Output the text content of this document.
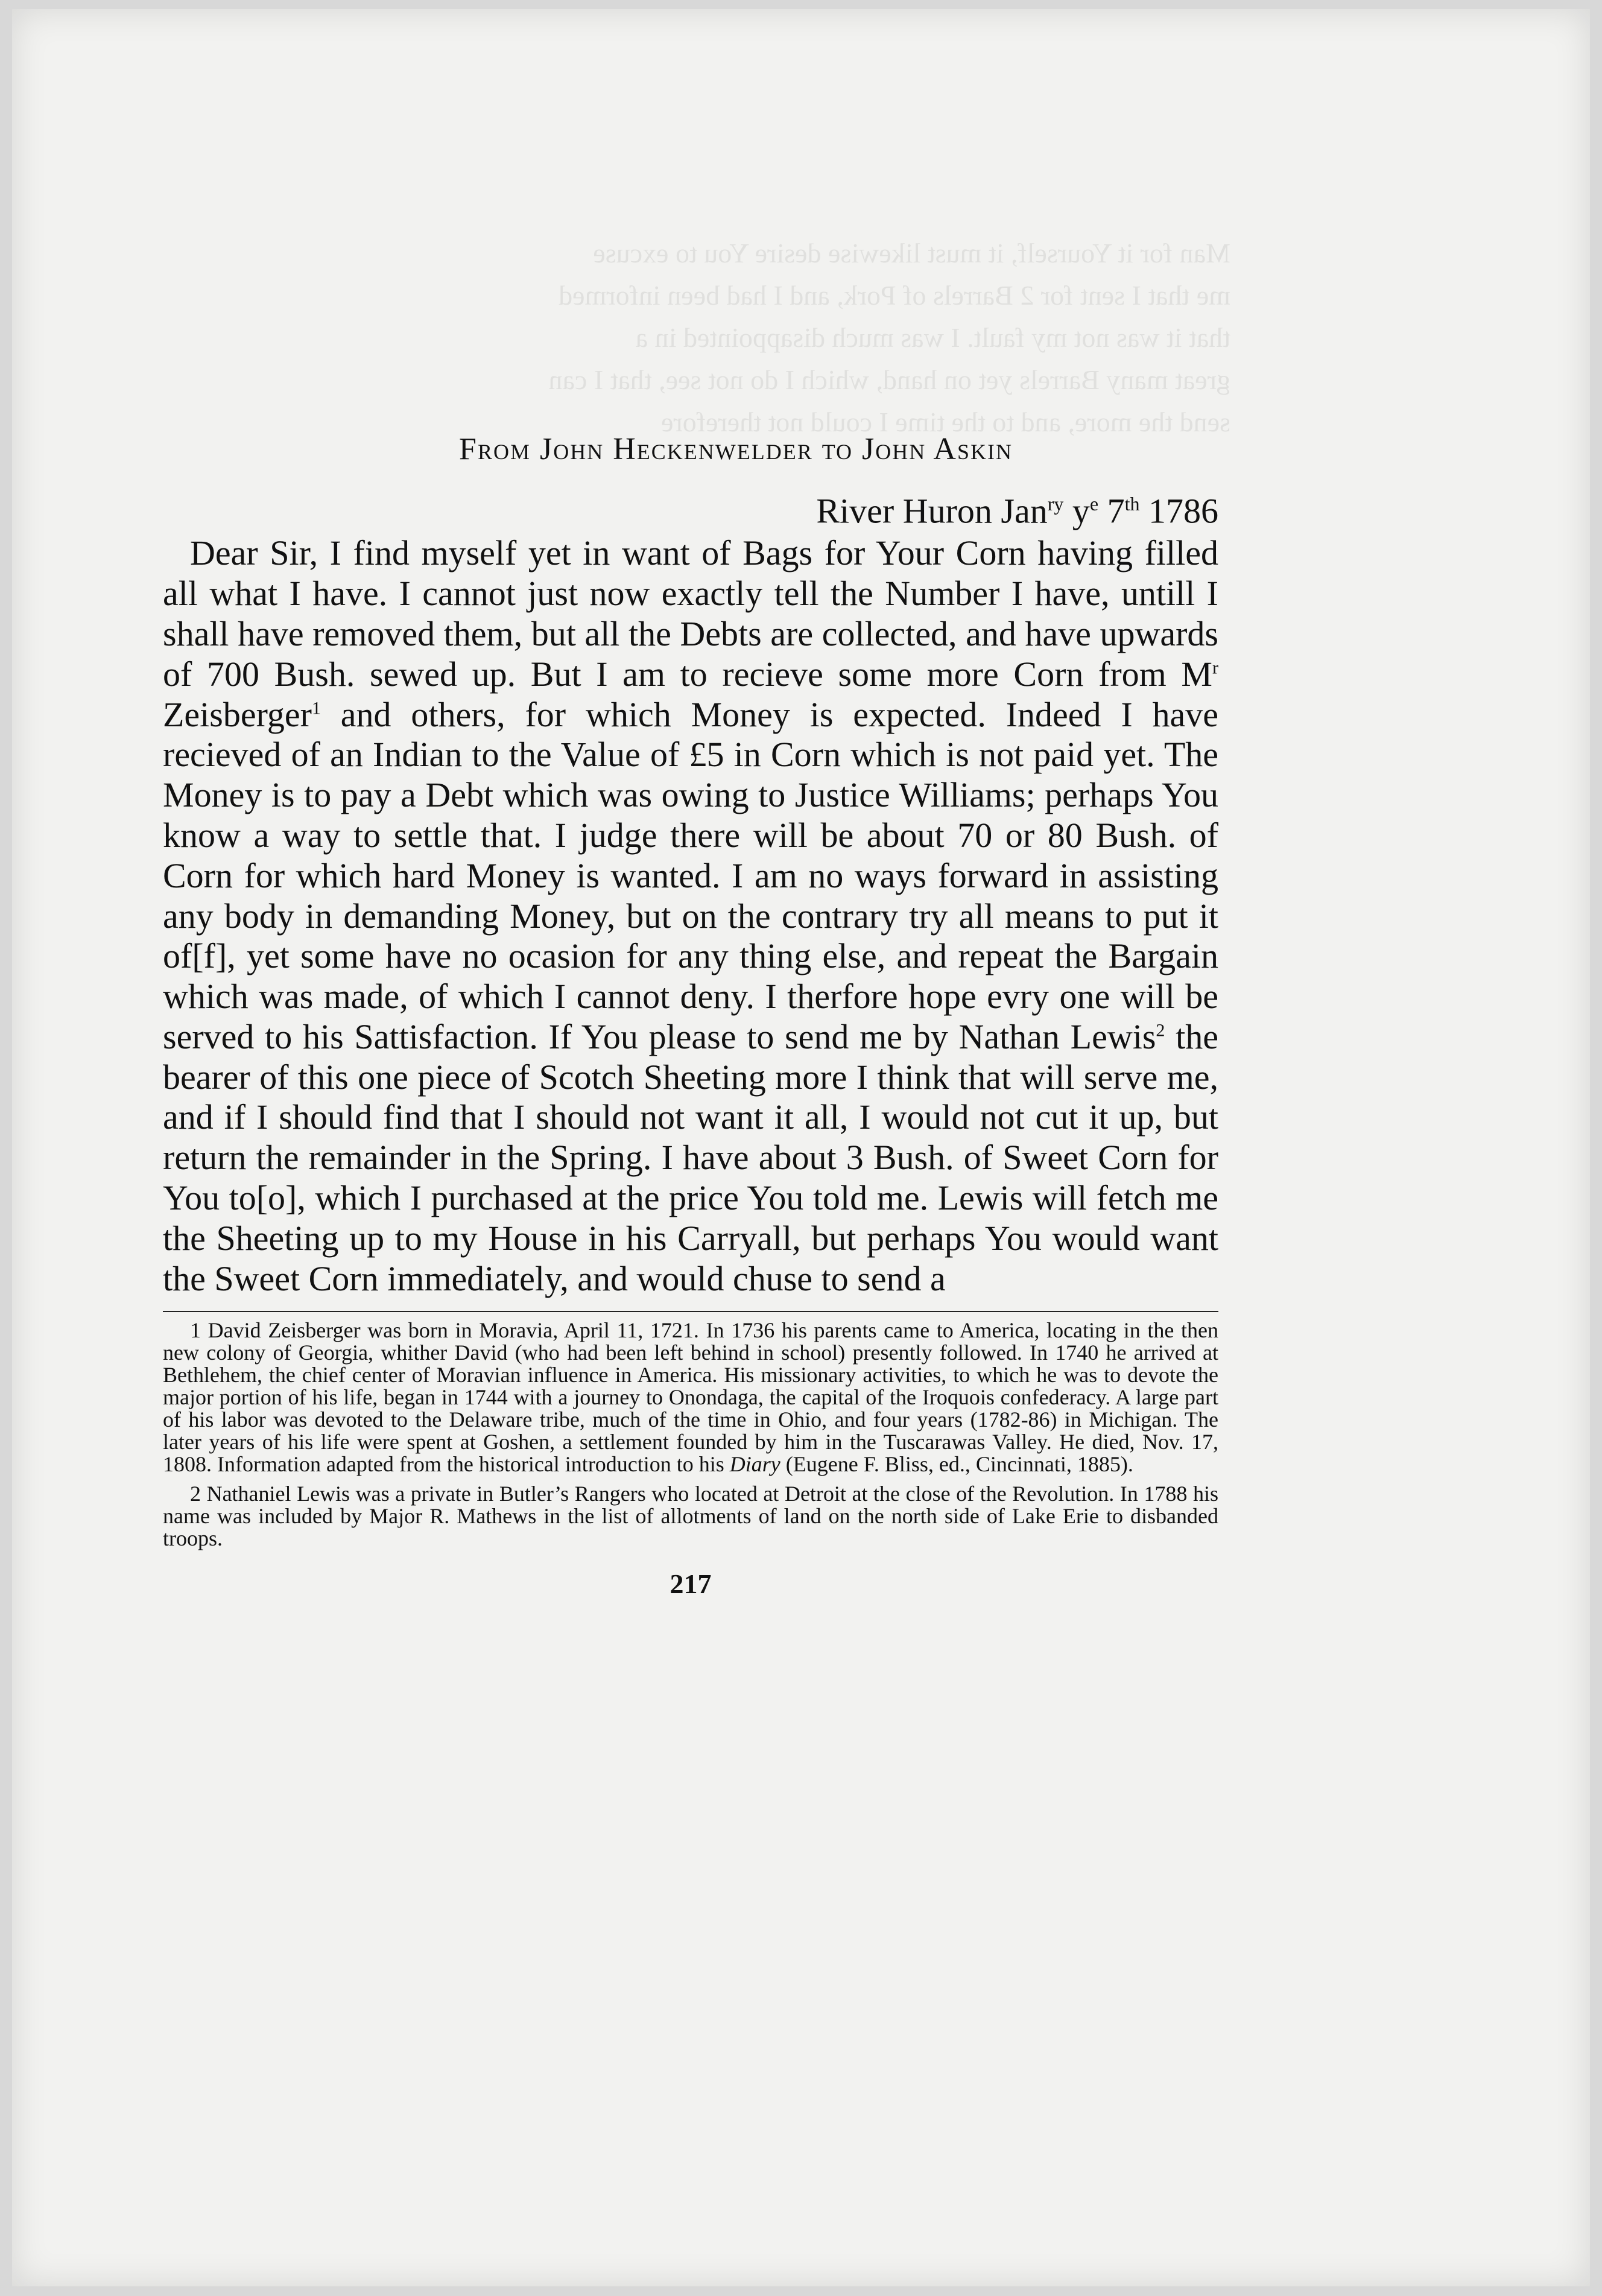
Man for it Yourself, it must likewise desire You to excuse
me that I sent for 2 Barrels of Pork, and I had been informed
that it was not my fault. I was much disappointed in a
great many Barrels yet on hand, which I do not see, that I can
send the more, and to the time I could not therefore
From John Heckenwelder to John Askin

River Huron Jan$^{ry}$ $y^e$ 7th 1786

Dear Sir, I find myself yet in want of Bags for Your Corn having filled all what I have. I cannot just now exactly tell the Number I have, untill I shall have removed them, but all the Debts are collected, and have upwards of 700 Bush. sewed up. But I am to recieve some more Corn from $M^r$ Zeisberger$^1$ and others, for which Money is expected. Indeed I have recieved of an Indian to the Value of £5 in Corn which is not paid yet. The Money is to pay a Debt which was owing to Justice Williams; perhaps You know a way to settle that. I judge there will be about 70 or 80 Bush. of Corn for which hard Money is wanted. I am no ways forward in assisting any body in demanding Money, but on the contrary try all means to put it of[f], yet some have no ocasion for any thing else, and repeat the Bargain which was made, of which I cannot deny. I therfore hope evry one will be served to his Sattisfaction. If You please to send me by Nathan Lewis$^2$ the bearer of this one piece of Scotch Sheeting more I think that will serve me, and if I should find that I should not want it all, I would not cut it up, but return the remainder in the Spring. I have about 3 Bush. of Sweet Corn for You to[o], which I purchased at the price You told me. Lewis will fetch me the Sheeting up to my House in his Carryall, but perhaps You would want the Sweet Corn immediately, and would chuse to send a

1 David Zeisberger was born in Moravia, April 11, 1721. In 1736 his parents came to America, locating in the then new colony of Georgia, whither David (who had been left behind in school) presently followed. In 1740 he arrived at Bethlehem, the chief center of Moravian influence in America. His missionary activities, to which he was to devote the major portion of his life, began in 1744 with a journey to Onondaga, the capital of the Iroquois confederacy. A large part of his labor was devoted to the Delaware tribe, much of the time in Ohio, and four years (1782-86) in Michigan. The later years of his life were spent at Goshen, a settlement founded by him in the Tuscarawas Valley. He died, Nov. 17, 1808. Information adapted from the historical introduction to his Diary (Eugene F. Bliss, ed., Cincinnati, 1885).

2 Nathaniel Lewis was a private in Butler’s Rangers who located at Detroit at the close of the Revolution. In 1788 his name was included by Major R. Mathews in the list of allotments of land on the north side of Lake Erie to disbanded troops.

217
